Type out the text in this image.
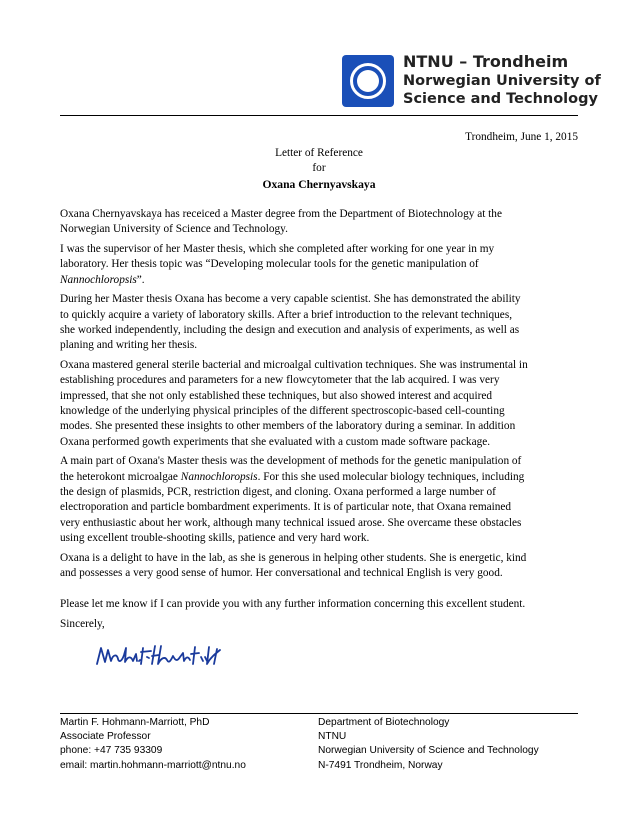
NTNU – Trondheim
Norwegian University of
Science and Technology
Trondheim, June 1, 2015
Letter of Reference
for
Oxana Chernyavskaya

Oxana Chernyavskaya has receiced a Master degree from the Department of Biotechnology at the
Norwegian University of Science and Technology.

I was the supervisor of her Master thesis, which she completed after working for one year in my
laboratory. Her thesis topic was “Developing molecular tools for the genetic manipulation of
Nannochloropsis”.

During her Master thesis Oxana has become a very capable scientist. She has demonstrated the ability
to quickly acquire a variety of laboratory skills. After a brief introduction to the relevant techniques,
she worked independently, including the design and execution and analysis of experiments, as well as
planing and writing her thesis.

Oxana mastered general sterile bacterial and microalgal cultivation techniques. She was instrumental in
establishing procedures and parameters for a new flowcytometer that the lab acquired. I was very
impressed, that she not only established these techniques, but also showed interest and acquired
knowledge of the underlying physical principles of the different spectroscopic-based cell-counting
modes. She presented these insights to other members of the laboratory during a seminar. In addition
Oxana performed gowth experiments that she evaluated with a custom made software package.

A main part of Oxana's Master thesis was the development of methods for the genetic manipulation of
the heterokont microalgae Nannochloropsis. For this she used molecular biology techniques, including
the design of plasmids, PCR, restriction digest, and cloning. Oxana performed a large number of
electroporation and particle bombardment experiments. It is of particular note, that Oxana remained
very enthusiastic about her work, although many technical issued arose. She overcame these obstacles
using excellent trouble-shooting skills, patience and very hard work.

Oxana is a delight to have in the lab, as she is generous in helping other students. She is energetic, kind
and possesses a very good sense of humor. Her conversational and technical English is very good.

Please let me know if I can provide you with any further information concerning this excellent student.

Sincerely,

Martin F. Hohmann-Marriott, PhD
Associate Professor
phone: +47 735 93309
email: martin.hohmann-marriott@ntnu.no
Department of Biotechnology
NTNU
Norwegian University of Science and Technology
N-7491 Trondheim, Norway
